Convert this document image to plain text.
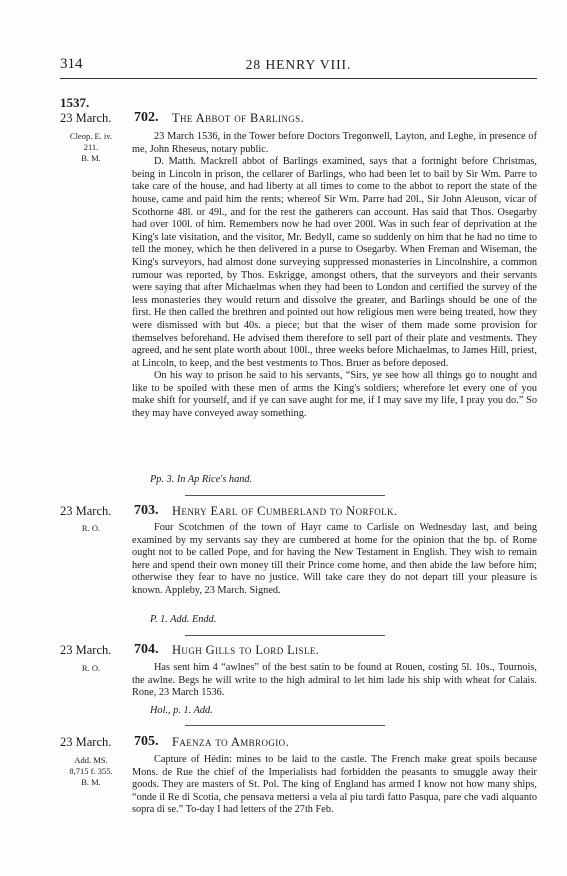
314	28 HENRY VIII.
1537.
23 March. 702. The Abbot of Barlings.
Cleop. E. iv.
211.
B. M.

23 March 1536, in the Tower before Doctors Tregonwell, Layton, and Leghe, in presence of me, John Rheseus, notary public.

D. Matth. Mackrell abbot of Barlings examined, says that a fortnight before Christmas, being in Lincoln in prison, the cellarer of Barlings, who had been let to bail by Sir Wm. Parre to take care of the house, and had liberty at all times to come to the abbot to report the state of the house, came and paid him the rents; whereof Sir Wm. Parre had 20l., Sir John Aleuson, vicar of Scothorne 48l. or 49l., and for the rest the gatherers can account. Has said that Thos. Osegarby had over 100l. of him. Remembers now he had over 200l. Was in such fear of deprivation at the King's late visitation, and the visitor, Mr. Bedyll, came so suddenly on him that he had no time to tell the money, which he then delivered in a purse to Osegarby. When Freman and Wiseman, the King's surveyors, had almost done surveying suppressed monasteries in Lincolnshire, a common rumour was reported, by Thos. Eskrigge, amongst others, that the surveyors and their servants were saying that after Michaelmas when they had been to London and certified the survey of the less monasteries they would return and dissolve the greater, and Barlings should be one of the first. He then called the brethren and pointed out how religious men were being treated, how they were dismissed with but 40s. a piece; but that the wiser of them made some provision for themselves beforehand. He advised them therefore to sell part of their plate and vestments. They agreed, and he sent plate worth about 100l., three weeks before Michaelmas, to James Hill, priest, at Lincoln, to keep, and the best vestments to Thos. Bruer as before deposed.

On his way to prison he said to his servants, “Sirs, ye see how all things go to nought and like to be spoiled with these men of arms the King's soldiers; wherefore let every one of you make shift for yourself, and if ye can save aught for me, if I may save my life, I pray you do.” So they may have conveyed away something.

Pp. 3. In Ap Rice's hand.
23 March. 703. Henry Earl of Cumberland to Norfolk.
R. O.	Four Scotchmen of the town of Hayr came to Carlisle on Wednesday last, and being examined by my servants say they are cumbered at home for the opinion that the bp. of Rome ought not to be called Pope, and for having the New Testament in English. They wish to remain here and spend their own money till their Prince come home, and then abide the law before him; otherwise they fear to have no justice. Will take care they do not depart till your pleasure is known. Appleby, 23 March. Signed.

P. 1. Add. Endd.
23 March. 704. Hugh Gills to Lord Lisle.
R. O.	Has sent him 4 “awlnes” of the best satin to be found at Rouen, costing 5l. 10s., Tournois, the awlne. Begs he will write to the high admiral to let him lade his ship with wheat for Calais. Rone, 23 March 1536.

Hol., p. 1. Add.
23 March. 705. Faenza to Ambrogio.
Add. MS.
8,715 f. 355.
B. M.

Capture of Hédin: mines to be laid to the castle. The French make great spoils because Mons. de Rue the chief of the Imperialists had forbidden the peasants to smuggle away their goods. They are masters of St. Pol. The king of England has armed I know not how many ships, “onde il Re di Scotia, che pensava mettersi a vela al piu tardi fatto Pasqua, pare che vadi alquanto sopra di se.” To-day I had letters of the 27th Feb.
